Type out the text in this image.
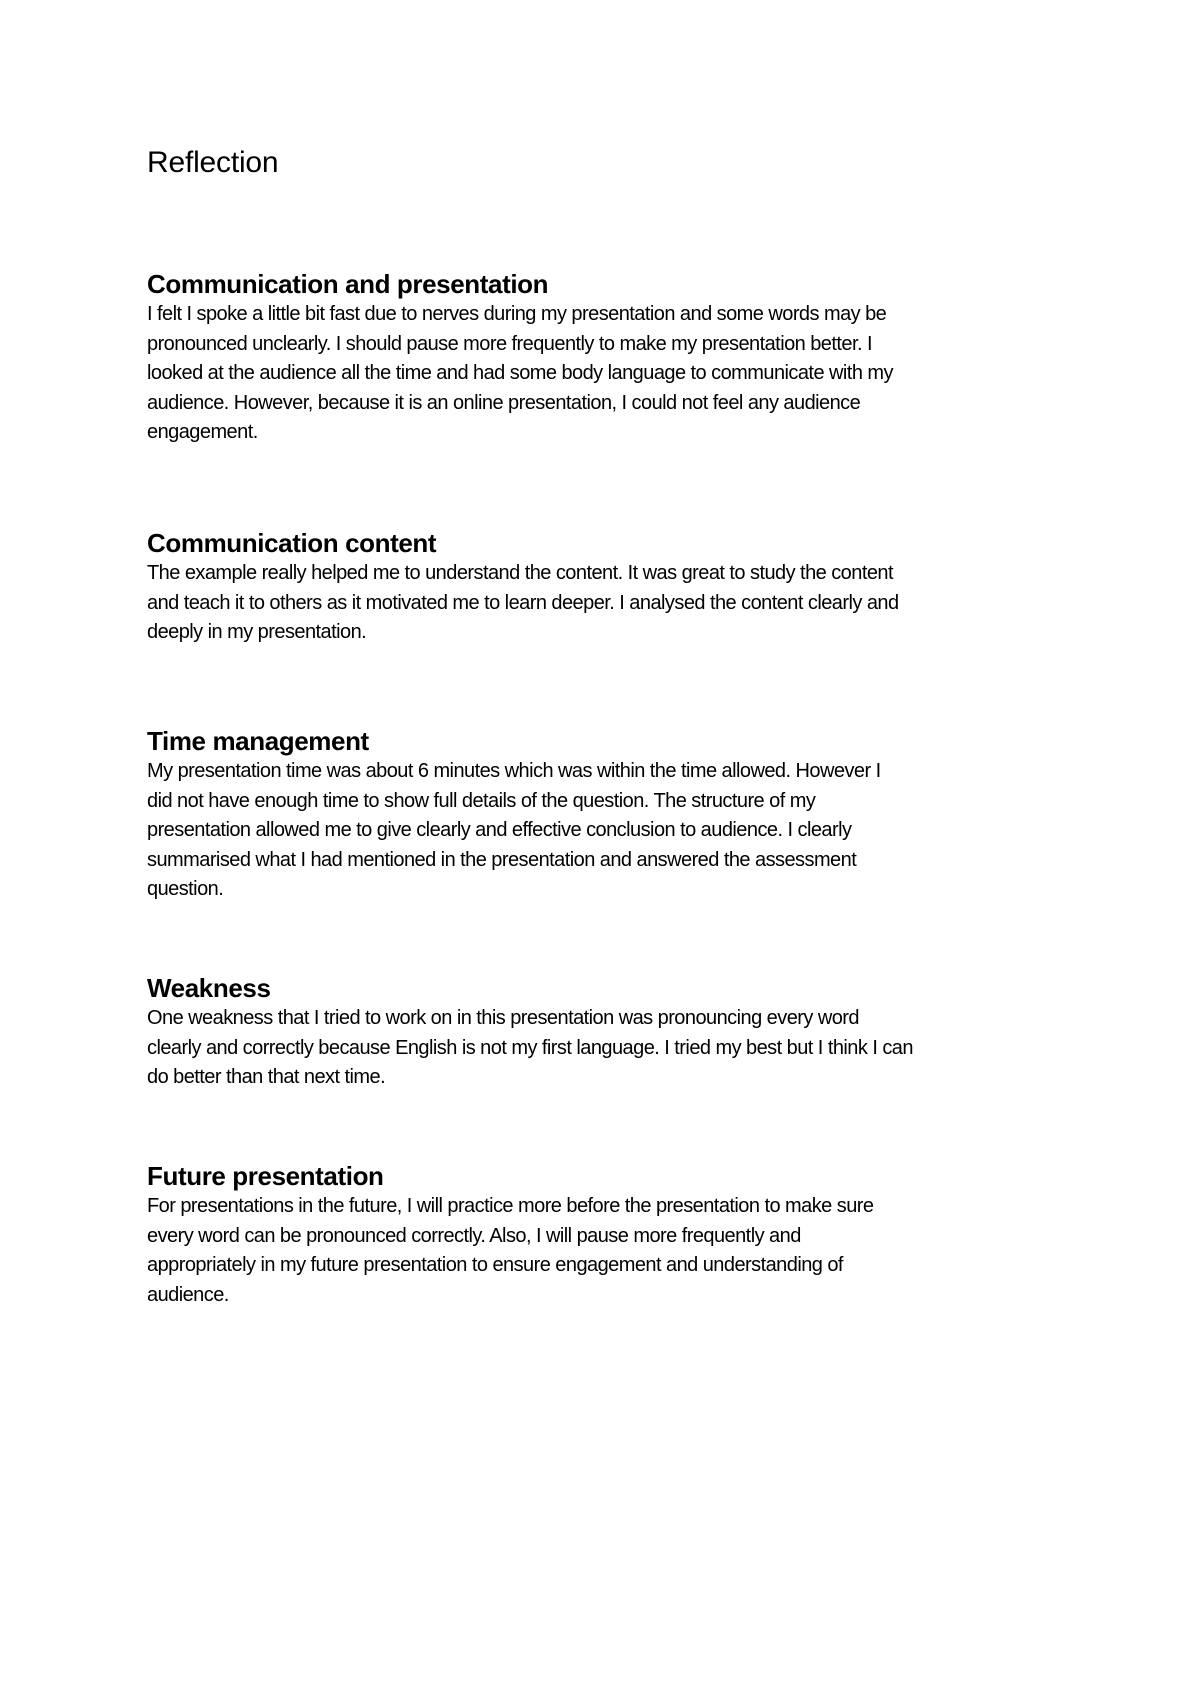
Reflection
Communication and presentation

I felt I spoke a little bit fast due to nerves during my presentation and some words may be
pronounced unclearly. I should pause more frequently to make my presentation better. I
looked at the audience all the time and had some body language to communicate with my
audience. However, because it is an online presentation, I could not feel any audience
engagement.

Communication content

The example really helped me to understand the content. It was great to study the content
and teach it to others as it motivated me to learn deeper. I analysed the content clearly and
deeply in my presentation.

Time management

My presentation time was about 6 minutes which was within the time allowed. However I
did not have enough time to show full details of the question. The structure of my
presentation allowed me to give clearly and effective conclusion to audience. I clearly
summarised what I had mentioned in the presentation and answered the assessment
question.

Weakness

One weakness that I tried to work on in this presentation was pronouncing every word
clearly and correctly because English is not my first language. I tried my best but I think I can
do better than that next time.

Future presentation

For presentations in the future, I will practice more before the presentation to make sure
every word can be pronounced correctly. Also, I will pause more frequently and
appropriately in my future presentation to ensure engagement and understanding of
audience.
